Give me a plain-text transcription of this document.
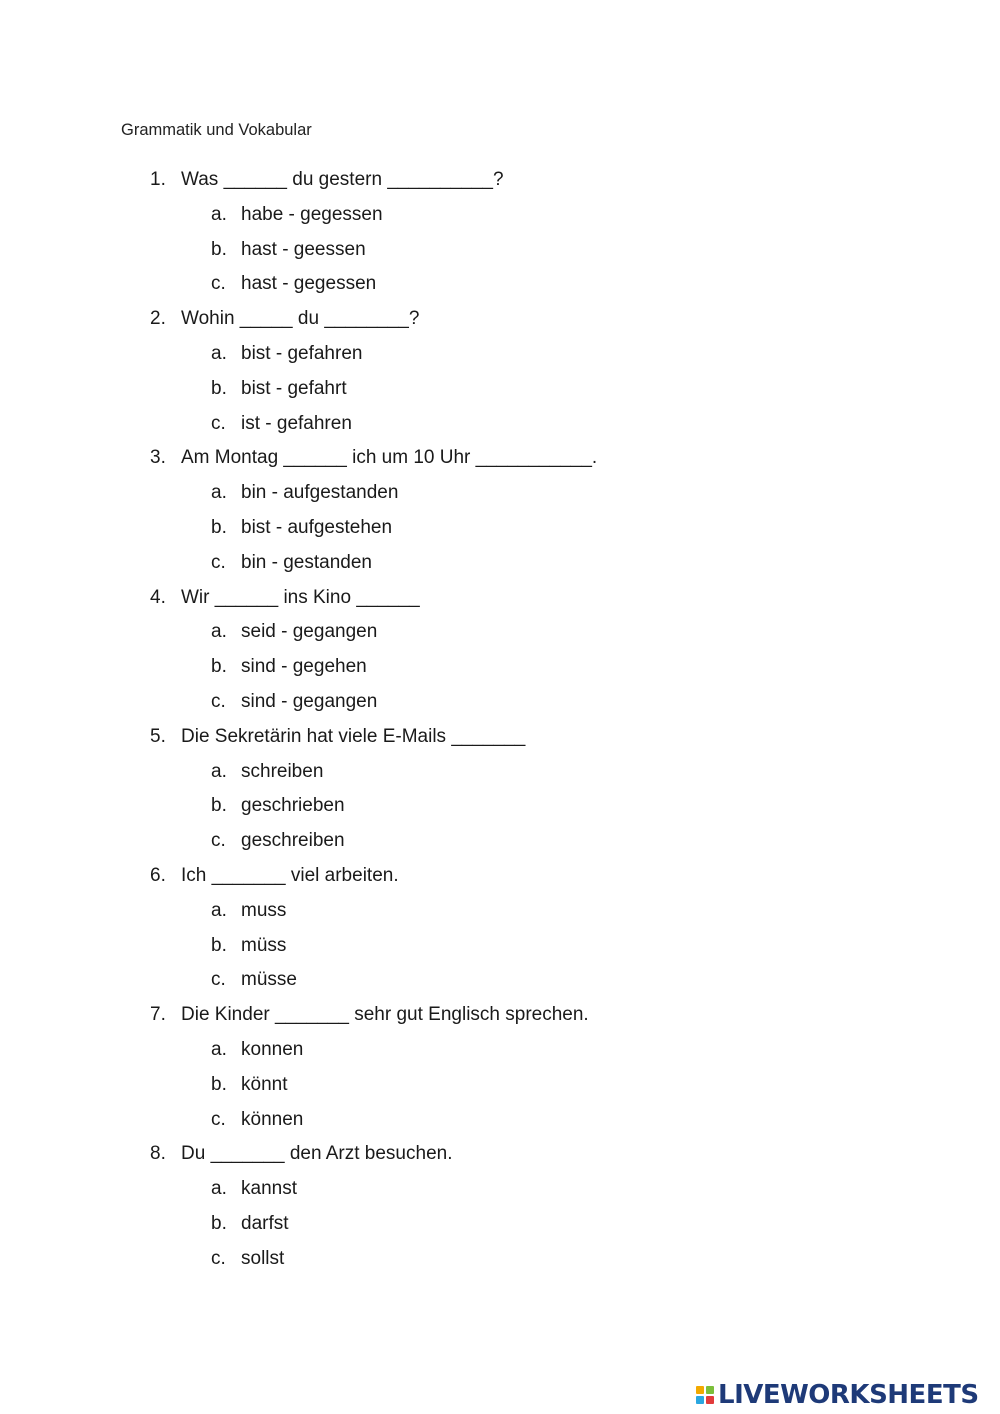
Grammatik und Vokabular
1. Was ______ du gestern __________?
a. habe - gegessen
b. hast - geessen
c. hast - gegessen
2. Wohin _____ du ________?
a. bist - gefahren
b. bist - gefahrt
c. ist - gefahren
3. Am Montag ______ ich um 10 Uhr ___________.
a. bin - aufgestanden
b. bist - aufgestehen
c. bin - gestanden
4. Wir ______ ins Kino ______
a. seid - gegangen
b. sind - gegehen
c. sind - gegangen
5. Die Sekretärin hat viele E-Mails _______
a. schreiben
b. geschrieben
c. geschreiben
6. Ich _______ viel arbeiten.
a. muss
b. müss
c. müsse
7. Die Kinder _______ sehr gut Englisch sprechen.
a. konnen
b. könnt
c. können
8. Du _______ den Arzt besuchen.
a. kannst
b. darfst
c. sollst
LIVEWORKSHEETS
